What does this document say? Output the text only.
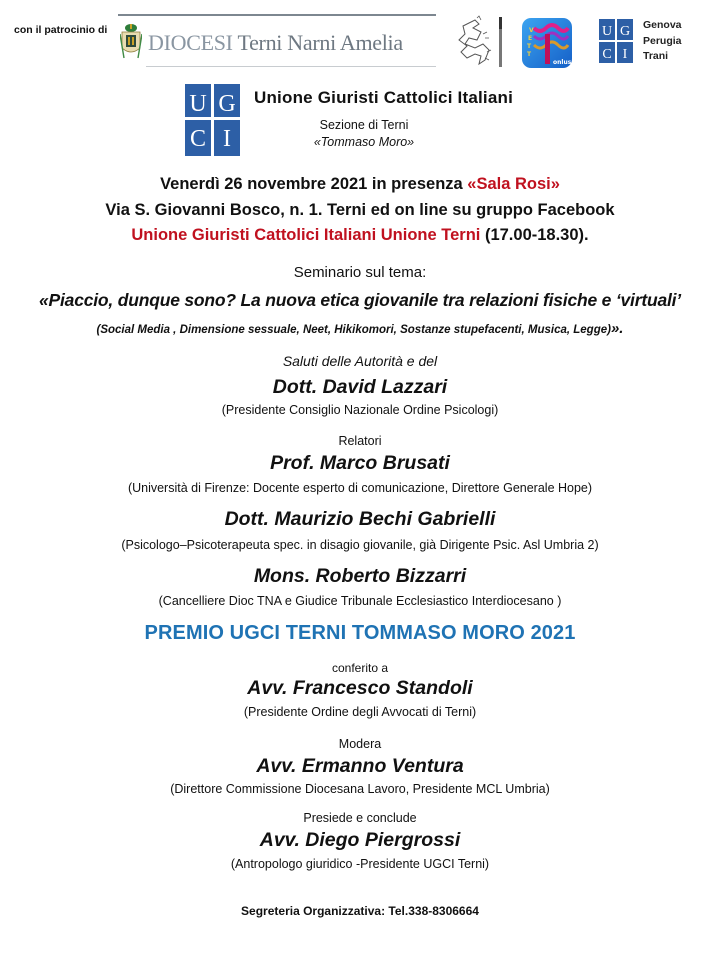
con il patrocinio di DIOCESI Terni Narni Amelia	V
E
T
T
onlus
U G
C I
Genova
Perugia
Trani
U G
C I
Unione Giuristi Cattolici Italiani
Sezione di Terni
«Tommaso Moro»
Venerdì 26 novembre 2021 in presenza «Sala Rosi»
Via S. Giovanni Bosco, n. 1. Terni ed on line su gruppo Facebook
Unione Giuristi Cattolici Italiani Unione Terni (17.00-18.30).
Seminario sul tema:
«Piaccio, dunque sono? La nuova etica giovanile tra relazioni fisiche e ‘virtuali’
(Social Media , Dimensione sessuale, Neet, Hikikomori, Sostanze stupefacenti, Musica, Legge)».
Saluti delle Autorità e del
Dott. David Lazzari
(Presidente Consiglio Nazionale Ordine Psicologi)
Relatori
Prof. Marco Brusati
(Università di Firenze: Docente esperto di comunicazione, Direttore Generale Hope)
Dott. Maurizio Bechi Gabrielli
(Psicologo–Psicoterapeuta spec. in disagio giovanile, già Dirigente Psic. Asl Umbria 2)
Mons. Roberto Bizzarri
(Cancelliere Dioc TNA e Giudice Tribunale Ecclesiastico Interdiocesano )
PREMIO UGCI TERNI TOMMASO MORO 2021
conferito a
Avv. Francesco Standoli
(Presidente Ordine degli Avvocati di Terni)
Modera
Avv. Ermanno Ventura
(Direttore Commissione Diocesana Lavoro, Presidente MCL Umbria)
Presiede e conclude
Avv. Diego Piergrossi
(Antropologo giuridico -Presidente UGCI Terni)
Segreteria Organizzativa: Tel.338-8306664
